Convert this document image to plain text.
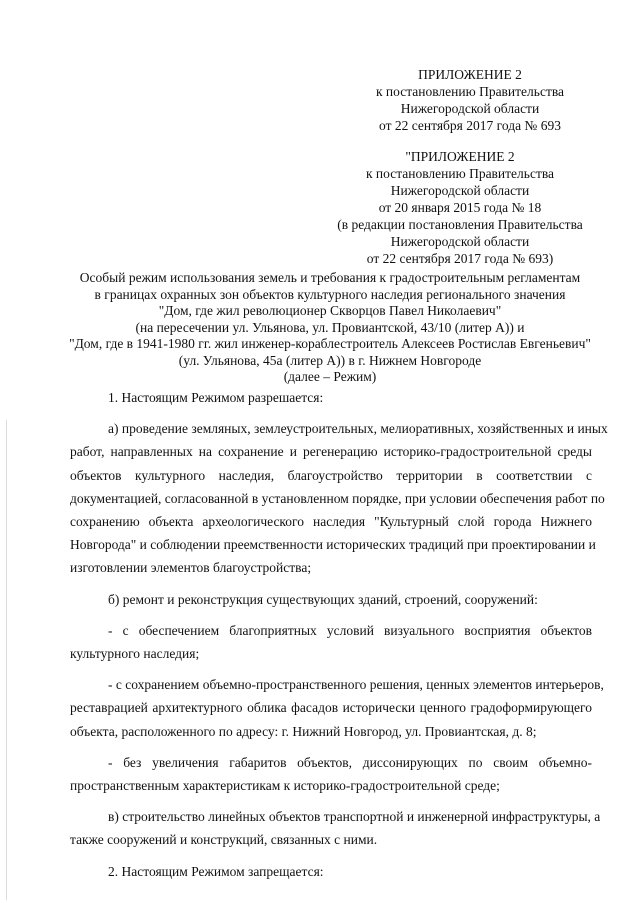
ПРИЛОЖЕНИЕ 2
к постановлению Правительства
Нижегородской области
от 22 сентября 2017 года № 693
"ПРИЛОЖЕНИЕ 2
к постановлению Правительства
Нижегородской области
от 20 января 2015 года № 18
(в редакции постановления Правительства
Нижегородской области
от 22 сентября 2017 года № 693)
Особый режим использования земель и требования к градостроительным регламентам
в границах охранных зон объектов культурного наследия регионального значения
"Дом, где жил революционер Скворцов Павел Николаевич"
(на пересечении ул. Ульянова, ул. Провиантской, 43/10 (литер А)) и
"Дом, где в 1941-1980 гг. жил инженер-кораблестроитель Алексеев Ростислав Евгеньевич"
(ул. Ульянова, 45а (литер А)) в г. Нижнем Новгороде
(далее – Режим)
1. Настоящим Режимом разрешается:
а) проведение земляных, землеустроительных, мелиоративных, хозяйственных и иных
работ, направленных на сохранение и регенерацию историко-градостроительной среды
объектов культурного наследия, благоустройство территории в соответствии с
документацией, согласованной в установленном порядке, при условии обеспечения работ по
сохранению объекта археологического наследия "Культурный слой города Нижнего
Новгорода" и соблюдении преемственности исторических традиций при проектировании и
изготовлении элементов благоустройства;
б) ремонт и реконструкция существующих зданий, строений, сооружений:
- с обеспечением благоприятных условий визуального восприятия объектов
культурного наследия;
- с сохранением объемно-пространственного решения, ценных элементов интерьеров,
реставрацией архитектурного облика фасадов исторически ценного градоформирующего
объекта, расположенного по адресу: г. Нижний Новгород, ул. Провиантская, д. 8;
- без увеличения габаритов объектов, диссонирующих по своим объемно-
пространственным характеристикам к историко-градостроительной среде;
в) строительство линейных объектов транспортной и инженерной инфраструктуры, а
также сооружений и конструкций, связанных с ними.
2. Настоящим Режимом запрещается:
